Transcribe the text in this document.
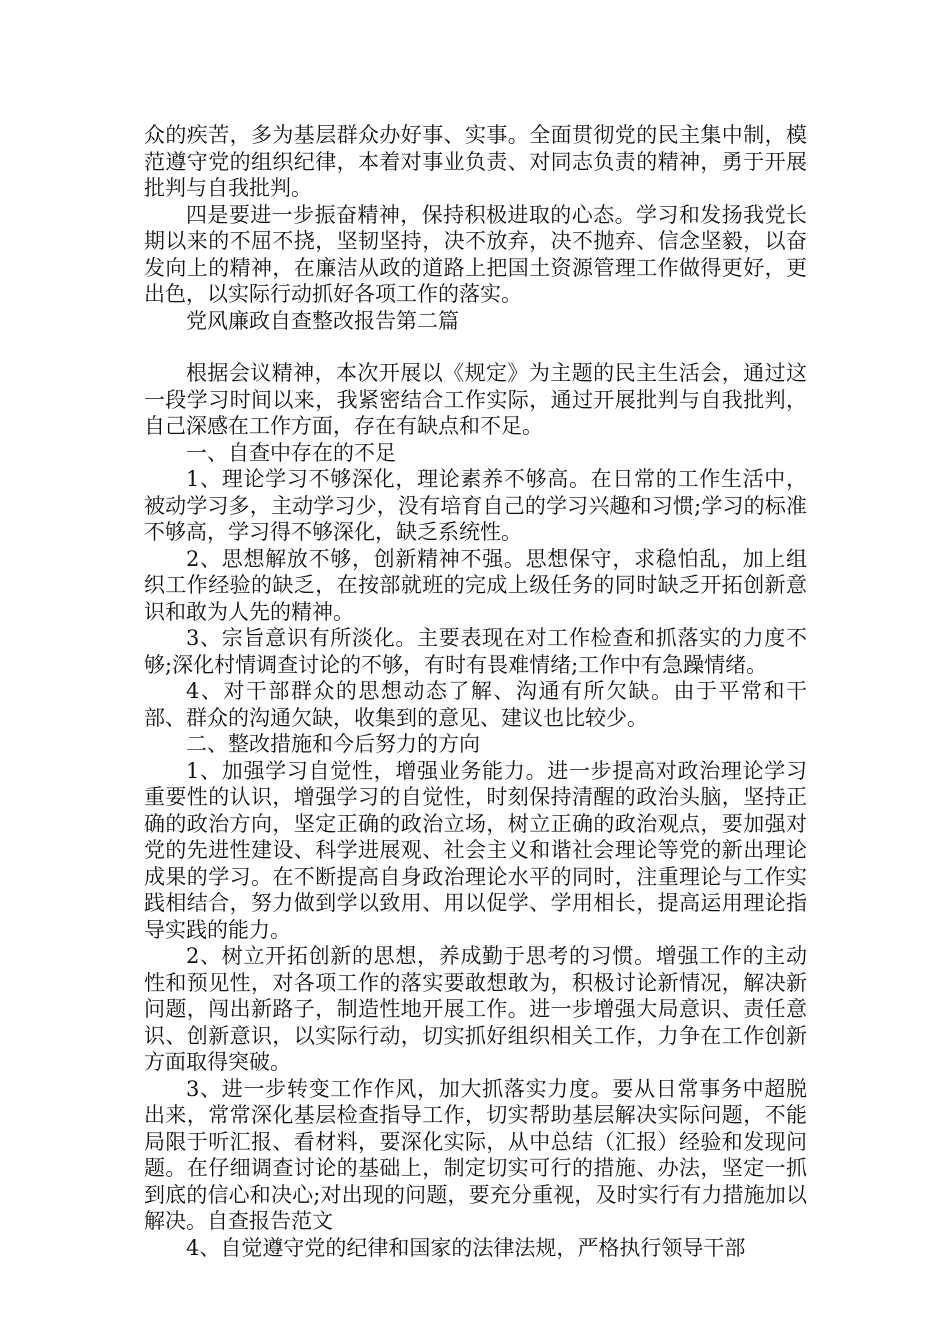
众的疾苦，多为基层群众办好事、实事。全面贯彻党的民主集中制，模范遵守党的组织纪律，本着对事业负责、对同志负责的精神，勇于开展批判与自我批判。

四是要进一步振奋精神，保持积极进取的心态。学习和发扬我党长期以来的不屈不挠，坚韧坚持，决不放弃，决不抛弃、信念坚毅，以奋发向上的精神，在廉洁从政的道路上把国土资源管理工作做得更好，更出色，以实际行动抓好各项工作的落实。

党风廉政自查整改报告第二篇

根据会议精神，本次开展以《规定》为主题的民主生活会，通过这一段学习时间以来，我紧密结合工作实际，通过开展批判与自我批判，自己深感在工作方面，存在有缺点和不足。

一、自查中存在的不足

1、理论学习不够深化，理论素养不够高。在日常的工作生活中，被动学习多，主动学习少，没有培育自己的学习兴趣和习惯;学习的标准不够高，学习得不够深化，缺乏系统性。

2、思想解放不够，创新精神不强。思想保守，求稳怕乱，加上组织工作经验的缺乏，在按部就班的完成上级任务的同时缺乏开拓创新意识和敢为人先的精神。

3、宗旨意识有所淡化。主要表现在对工作检查和抓落实的力度不够;深化村情调查讨论的不够，有时有畏难情绪;工作中有急躁情绪。

4、对干部群众的思想动态了解、沟通有所欠缺。由于平常和干部、群众的沟通欠缺，收集到的意见、建议也比较少。

二、整改措施和今后努力的方向

1、加强学习自觉性，增强业务能力。进一步提高对政治理论学习重要性的认识，增强学习的自觉性，时刻保持清醒的政治头脑，坚持正确的政治方向，坚定正确的政治立场，树立正确的政治观点，要加强对党的先进性建设、科学进展观、社会主义和谐社会理论等党的新出理论成果的学习。在不断提高自身政治理论水平的同时，注重理论与工作实践相结合，努力做到学以致用、用以促学、学用相长，提高运用理论指导实践的能力。

2、树立开拓创新的思想，养成勤于思考的习惯。增强工作的主动性和预见性，对各项工作的落实要敢想敢为，积极讨论新情况，解决新问题，闯出新路子，制造性地开展工作。进一步增强大局意识、责任意识、创新意识，以实际行动，切实抓好组织相关工作，力争在工作创新方面取得突破。

3、进一步转变工作作风，加大抓落实力度。要从日常事务中超脱出来，常常深化基层检查指导工作，切实帮助基层解决实际问题，不能局限于听汇报、看材料，要深化实际，从中总结（汇报）经验和发现问题。在仔细调查讨论的基础上，制定切实可行的措施、办法，坚定一抓到底的信心和决心;对出现的问题，要充分重视，及时实行有力措施加以解决。自查报告范文

4、自觉遵守党的纪律和国家的法律法规，严格执行领导干部
